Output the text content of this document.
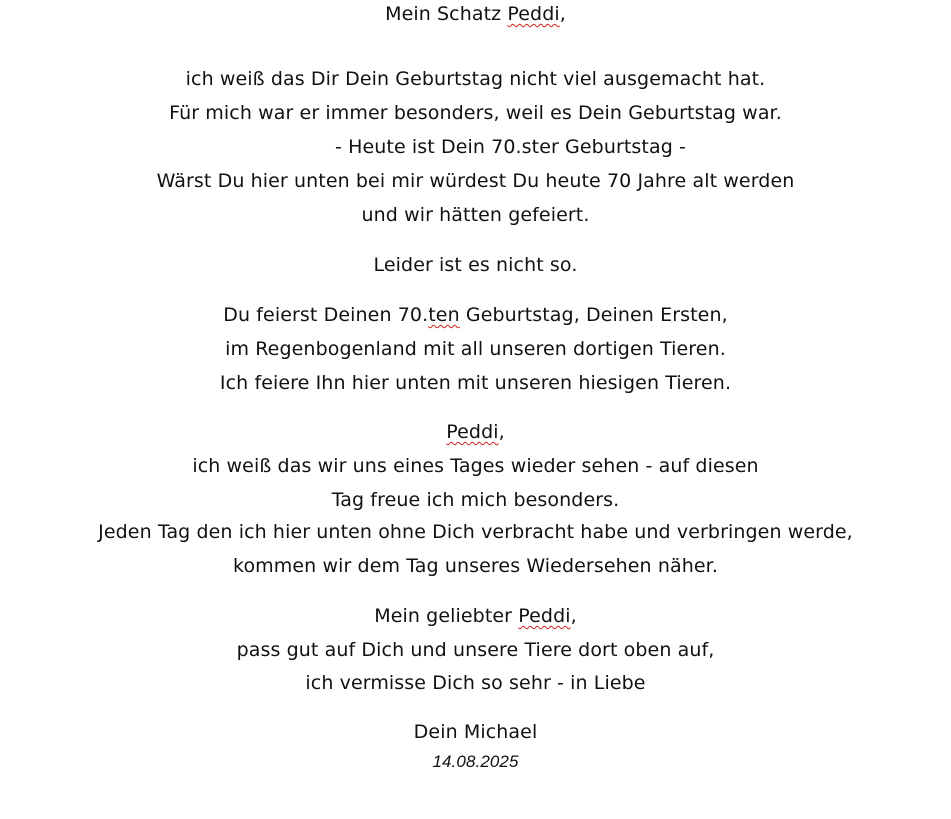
Mein Schatz Peddi,
ich weiß das Dir Dein Geburtstag nicht viel ausgemacht hat.
Für mich war er immer besonders, weil es Dein Geburtstag war.
- Heute ist Dein 70.ster Geburtstag -
Wärst Du hier unten bei mir würdest Du heute 70 Jahre alt werden
und wir hätten gefeiert.
Leider ist es nicht so.
Du feierst Deinen 70.ten Geburtstag, Deinen Ersten,
im Regenbogenland mit all unseren dortigen Tieren.
Ich feiere Ihn hier unten mit unseren hiesigen Tieren.
Peddi,
ich weiß das wir uns eines Tages wieder sehen - auf diesen
Tag freue ich mich besonders.
Jeden Tag den ich hier unten ohne Dich verbracht habe und verbringen werde,
kommen wir dem Tag unseres Wiedersehen näher.
Mein geliebter Peddi,
pass gut auf Dich und unsere Tiere dort oben auf,
ich vermisse Dich so sehr - in Liebe
Dein Michael
14.08.2025
